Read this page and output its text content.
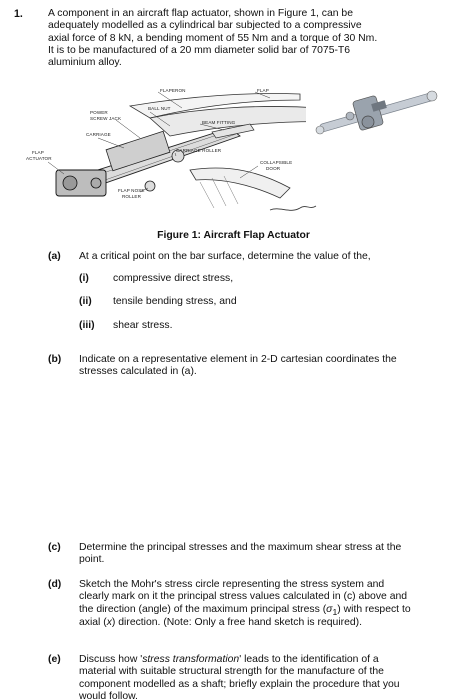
1. A component in an aircraft flap actuator, shown in Figure 1, can be adequately modelled as a cylindrical bar subjected to a compressive axial force of 8 kN, a bending moment of 55 Nm and a torque of 30 Nm. It is to be manufactured of a 20 mm diameter solid bar of 7075-T6 aluminium alloy.
FLAPERON	FLAP
BALL NUT
POWER
SCREW JACK
BEAM FITTING
CARRIAGE
CARRIAGE ROLLER
FLAP
ACTUATOR
COLLAPSIBLE
DOOR
FLAP NOSE
ROLLER
Figure 1: Aircraft Flap Actuator
(a) At a critical point on the bar surface, determine the value of the,
(i) compressive direct stress,
(ii) tensile bending stress, and
(iii) shear stress.
(b) Indicate on a representative element in 2-D cartesian coordinates the stresses calculated in (a).
(c) Determine the principal stresses and the maximum shear stress at the point.
(d) Sketch the Mohr's stress circle representing the stress system and clearly mark on it the principal stress values calculated in (c) above and the direction (angle) of the maximum principal stress $(\sigma_1)$ with respect to axial (x) direction. (Note: Only a free hand sketch is required).
(e) Discuss how 'stress transformation' leads to the identification of a material with suitable structural strength for the manufacture of the component modelled as a shaft; briefly explain the procedure that you would follow.
